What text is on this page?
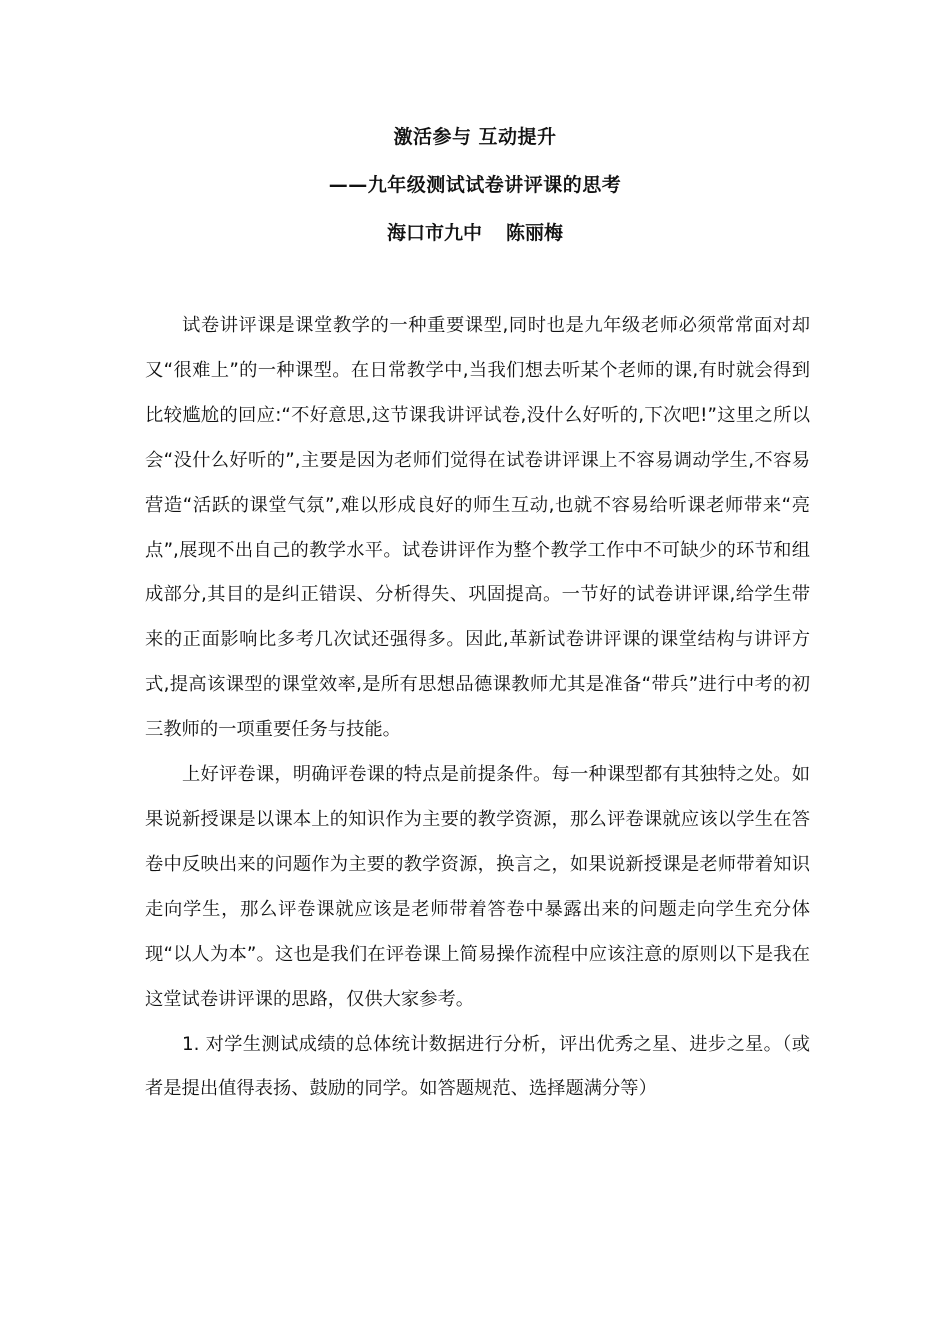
激活参与 互动提升
——九年级测试试卷讲评课的思考
海口市九中 陈丽梅

试卷讲评课是课堂教学的一种重要课型,同时也是九年级老师必须常常面对却又“很难上”的一种课型。在日常教学中,当我们想去听某个老师的课,有时就会得到比较尴尬的回应:“不好意思,这节课我讲评试卷,没什么好听的,下次吧!”这里之所以会“没什么好听的”,主要是因为老师们觉得在试卷讲评课上不容易调动学生,不容易营造“活跃的课堂气氛”,难以形成良好的师生互动,也就不容易给听课老师带来“亮点”,展现不出自己的教学水平。试卷讲评作为整个教学工作中不可缺少的环节和组成部分,其目的是纠正错误、分析得失、巩固提高。一节好的试卷讲评课,给学生带来的正面影响比多考几次试还强得多。因此,革新试卷讲评课的课堂结构与讲评方式,提高该课型的课堂效率,是所有思想品德课教师尤其是准备“带兵”进行中考的初三教师的一项重要任务与技能。

上好评卷课，明确评卷课的特点是前提条件。每一种课型都有其独特之处。如果说新授课是以课本上的知识作为主要的教学资源，那么评卷课就应该以学生在答卷中反映出来的问题作为主要的教学资源，换言之，如果说新授课是老师带着知识走向学生，那么评卷课就应该是老师带着答卷中暴露出来的问题走向学生充分体现“以人为本”。这也是我们在评卷课上简易操作流程中应该注意的原则以下是我在这堂试卷讲评课的思路，仅供大家参考。

1. 对学生测试成绩的总体统计数据进行分析，评出优秀之星、进步之星。（或者是提出值得表扬、鼓励的同学。如答题规范、选择题满分等）
